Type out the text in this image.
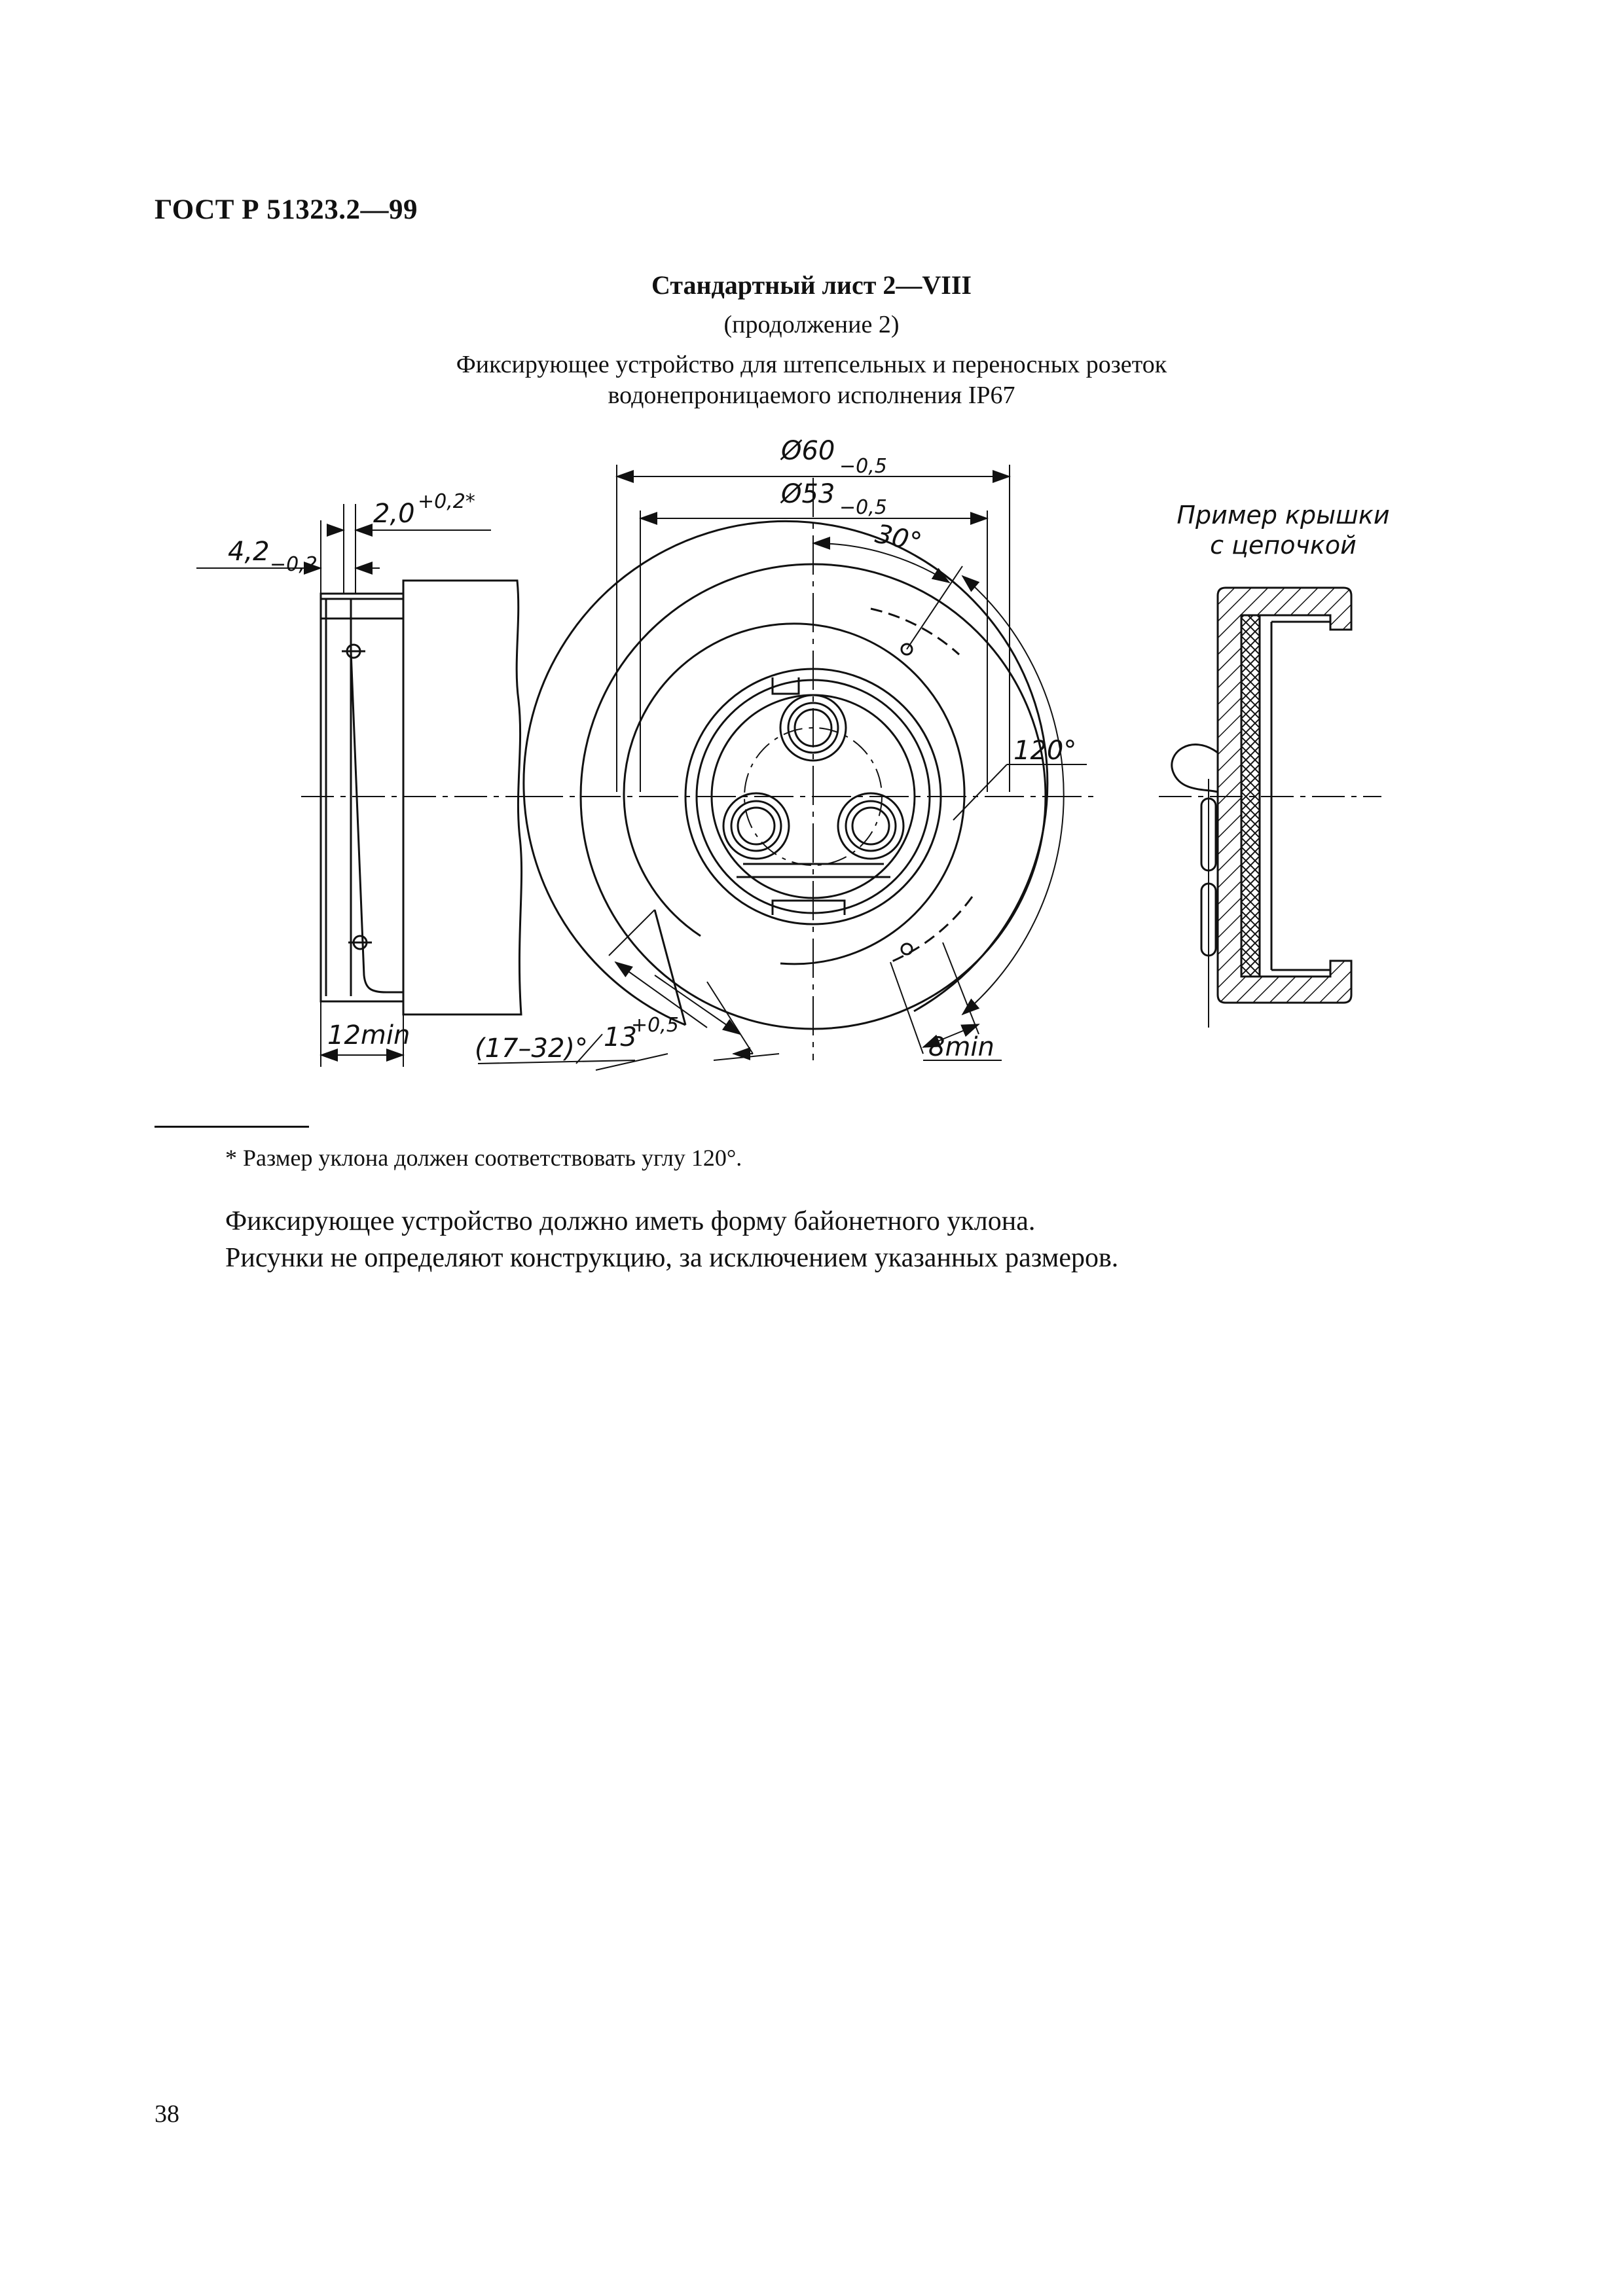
ГОСТ Р 51323.2—99
Стандартный лист 2—VIII
(продолжение 2)
Фиксирующее устройство для штепсельных и переносных розеток
водонепроницаемого исполнения IP67
2,0 +0,2*
4,2 −0,2
12min
Ø60
−0,5
Ø53 −0,5
30°
120°
8min
(17–32)° 13
+0,5
Пример крышки
с цепочкой
* Размер уклона должен соответствовать углу 120°.
Фиксирующее устройство должно иметь форму байонетного уклона.
Рисунки не определяют конструкцию, за исключением указанных размеров.
38
